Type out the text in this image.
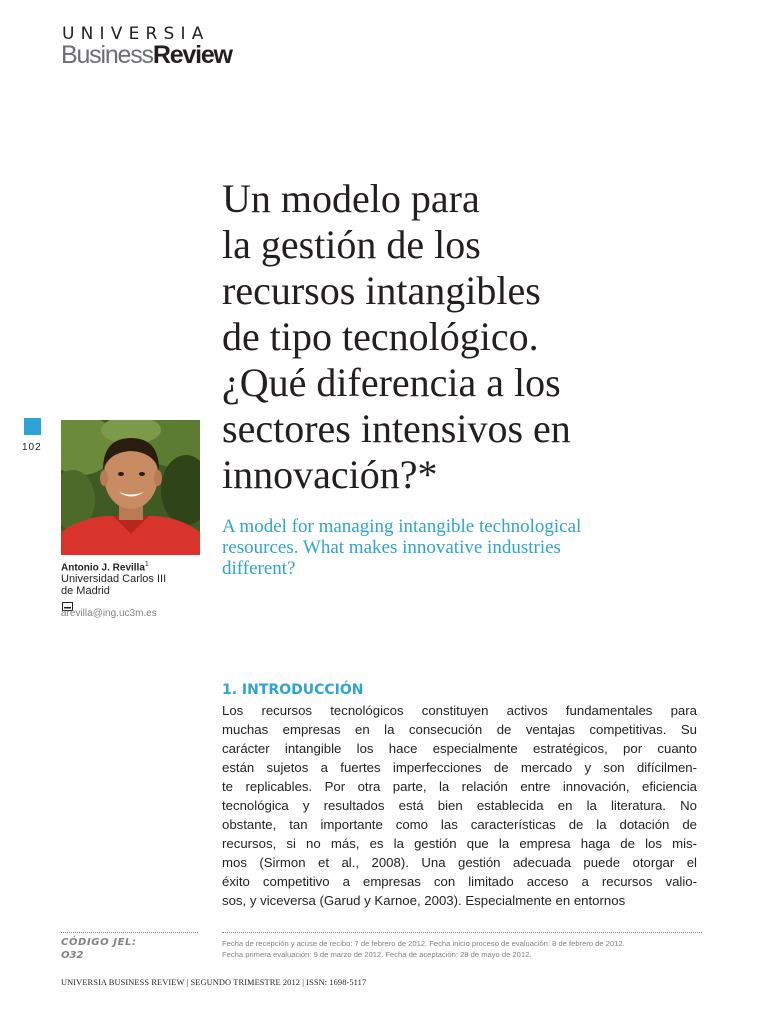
UNIVERSIA
BusinessReview
Un modelo para
la gestión de los
recursos intangibles
de tipo tecnológico.
¿Qué diferencia a los
sectores intensivos en
innovación?*
A model for managing intangible technological
resources. What makes innovative industries
different?
102
Antonio J. Revilla$^1$
Universidad Carlos III
de Madrid
arevilla@ing.uc3m.es
1. INTRODUCCIÓN
Los recursos tecnológicos constituyen activos fundamentales para
muchas empresas en la consecución de ventajas competitivas. Su
carácter intangible los hace especialmente estratégicos, por cuanto
están sujetos a fuertes imperfecciones de mercado y son difícilmen-
te replicables. Por otra parte, la relación entre innovación, eficiencia
tecnológica y resultados está bien establecida en la literatura. No
obstante, tan importante como las características de la dotación de
recursos, si no más, es la gestión que la empresa haga de los mis-
mos (Sirmon et al., 2008). Una gestión adecuada puede otorgar el
éxito competitivo a empresas con limitado acceso a recursos valio-
sos, y viceversa (Garud y Karnoe, 2003). Especialmente en entornos
CÓDIGO JEL:
O32
Fecha de recepción y acuse de recibo: 7 de febrero de 2012. Fecha inicio proceso de evaluación: 8 de febrero de 2012.
Fecha primera evaluación: 9 de marzo de 2012. Fecha de aceptación: 28 de mayo de 2012.
UNIVERSIA BUSINESS REVIEW | SEGUNDO TRIMESTRE 2012 | ISSN: 1698-5117
